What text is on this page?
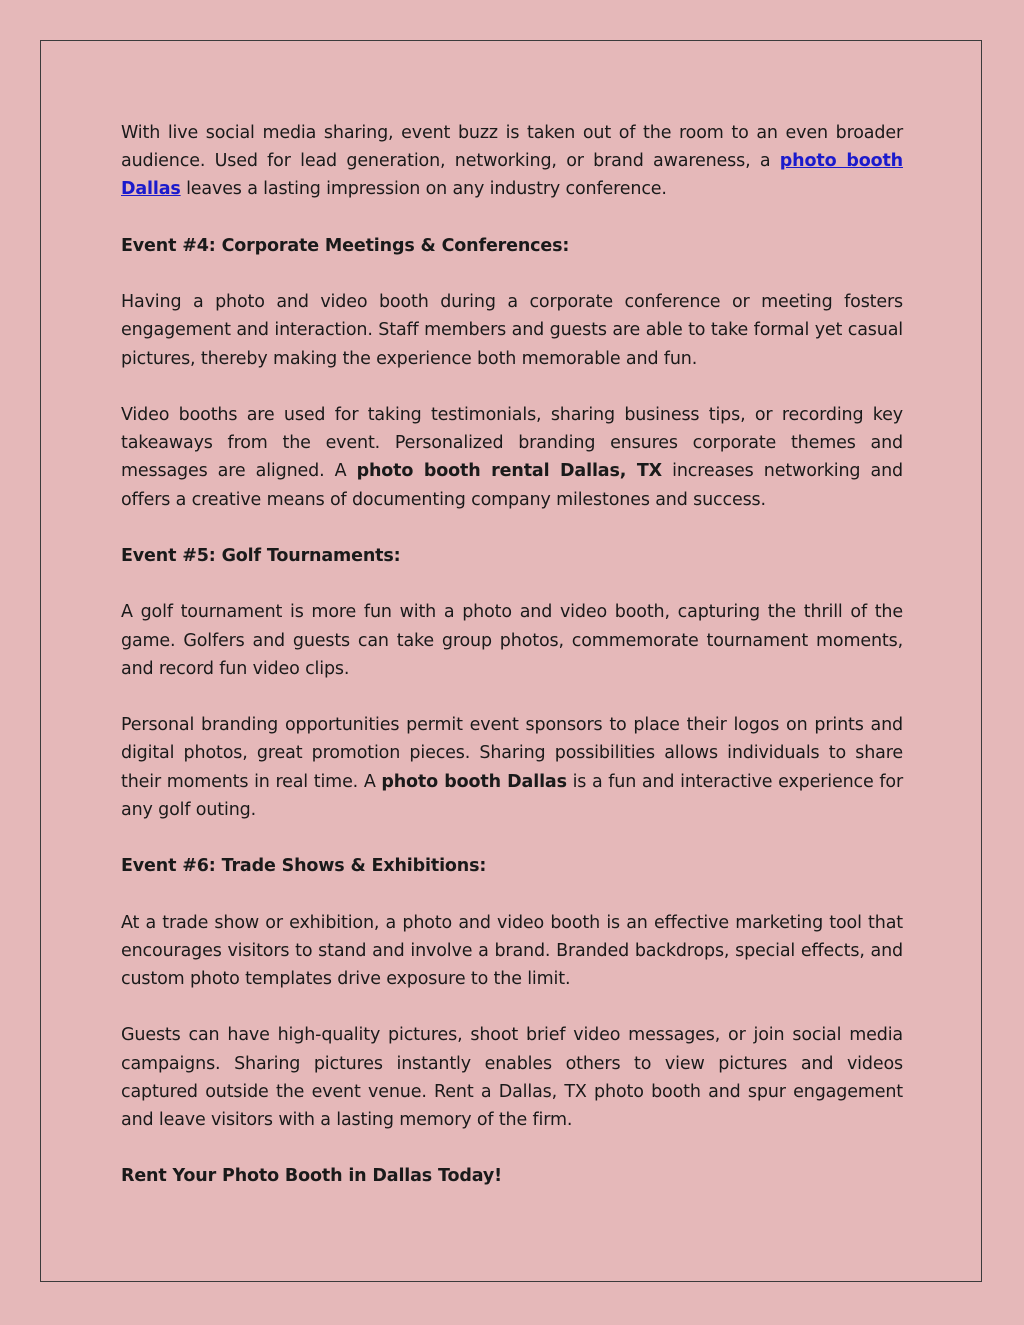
With live social media sharing, event buzz is taken out of the room to an even broader audience. Used for lead generation, networking, or brand awareness, a photo booth Dallas leaves a lasting impression on any industry conference.

Event #4: Corporate Meetings & Conferences:

Having a photo and video booth during a corporate conference or meeting fosters engagement and interaction. Staff members and guests are able to take formal yet casual pictures, thereby making the experience both memorable and fun.

Video booths are used for taking testimonials, sharing business tips, or recording key takeaways from the event. Personalized branding ensures corporate themes and messages are aligned. A photo booth rental Dallas, TX increases networking and offers a creative means of documenting company milestones and success.

Event #5: Golf Tournaments:

A golf tournament is more fun with a photo and video booth, capturing the thrill of the game. Golfers and guests can take group photos, commemorate tournament moments, and record fun video clips.

Personal branding opportunities permit event sponsors to place their logos on prints and digital photos, great promotion pieces. Sharing possibilities allows individuals to share their moments in real time. A photo booth Dallas is a fun and interactive experience for any golf outing.

Event #6: Trade Shows & Exhibitions:

At a trade show or exhibition, a photo and video booth is an effective marketing tool that encourages visitors to stand and involve a brand. Branded backdrops, special effects, and custom photo templates drive exposure to the limit.

Guests can have high-quality pictures, shoot brief video messages, or join social media campaigns. Sharing pictures instantly enables others to view pictures and videos captured outside the event venue. Rent a Dallas, TX photo booth and spur engagement and leave visitors with a lasting memory of the firm.

Rent Your Photo Booth in Dallas Today!
